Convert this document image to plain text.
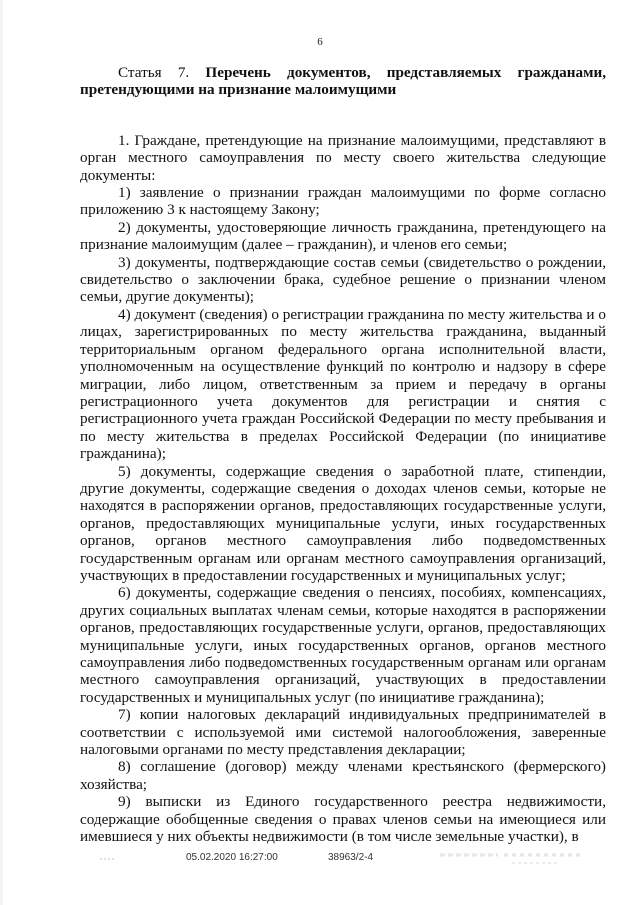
6

Статья 7. Перечень документов, представляемых гражданами, претендующими на признание малоимущими

1. Граждане, претендующие на признание малоимущими, представляют в орган местного самоуправления по месту своего жительства следующие документы:

1) заявление о признании граждан малоимущими по форме согласно приложению 3 к настоящему Закону;

2) документы, удостоверяющие личность гражданина, претендующего на признание малоимущим (далее – гражданин), и членов его семьи;

3) документы, подтверждающие состав семьи (свидетельство о рождении, свидетельство о заключении брака, судебное решение о признании членом семьи, другие документы);

4) документ (сведения) о регистрации гражданина по месту жительства и о лицах, зарегистрированных по месту жительства гражданина, выданный территориальным органом федерального органа исполнительной власти, уполномоченным на осуществление функций по контролю и надзору в сфере миграции, либо лицом, ответственным за прием и передачу в органы регистрационного учета документов для регистрации и снятия с регистрационного учета граждан Российской Федерации по месту пребывания и по месту жительства в пределах Российской Федерации (по инициативе гражданина);

5) документы, содержащие сведения о заработной плате, стипендии, другие документы, содержащие сведения о доходах членов семьи, которые не находятся в распоряжении органов, предоставляющих государственные услуги, органов, предоставляющих муниципальные услуги, иных государственных органов, органов местного самоуправления либо подведомственных государственным органам или органам местного самоуправления организаций, участвующих в предоставлении государственных и муниципальных услуг;

6) документы, содержащие сведения о пенсиях, пособиях, компенсациях, других социальных выплатах членам семьи, которые находятся в распоряжении органов, предоставляющих государственные услуги, органов, предоставляющих муниципальные услуги, иных государственных органов, органов местного самоуправления либо подведомственных государственным органам или органам местного самоуправления организаций, участвующих в предоставлении государственных и муниципальных услуг (по инициативе гражданина);

7) копии налоговых деклараций индивидуальных предпринимателей в соответствии с используемой ими системой налогообложения, заверенные налоговыми органами по месту представления декларации;

8) соглашение (договор) между членами крестьянского (фермерского) хозяйства;

9) выписки из Единого государственного реестра недвижимости, содержащие обобщенные сведения о правах членов семьи на имеющиеся или имевшиеся у них объекты недвижимости (в том числе земельные участки), в

05.02.2020 16:27:00	38963/2-4
